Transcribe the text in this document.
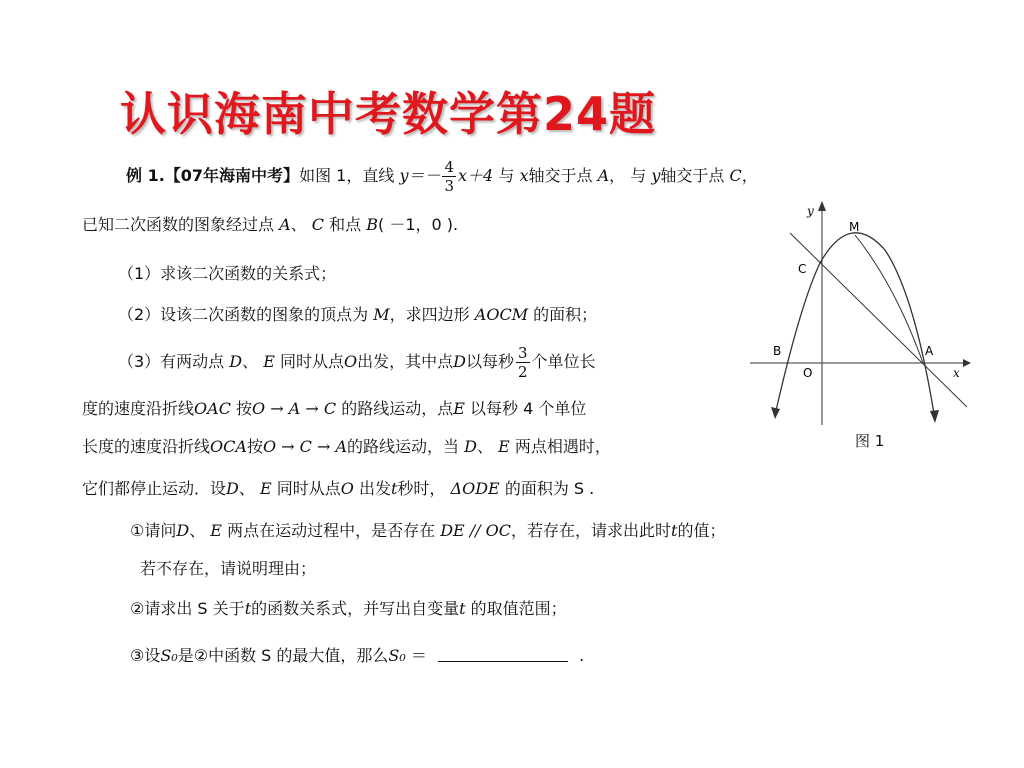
认识海南中考数学第24题
例 1.【07年海南中考】如图 1，直线 $y=- \frac{4}{3} x+4$ 与 x轴交于点 A， 与 y轴交于点 C，
已知二次函数的图象经过点 A、 C 和点 B( －1，0 ).
（1）求该二次函数的关系式；
（2）设该二次函数的图象的顶点为 M，求四边形 AOCM 的面积；
（3）有两动点 D、 E 同时从点O出发，其中点D以每秒 $\frac{3}{2}$ 个单位长
度的速度沿折线OAC 按O → A → C 的路线运动，点E 以每秒 4 个单位
长度的速度沿折线OCA按O → C → A的路线运动，当 D、 E 两点相遇时，
它们都停止运动．设D、 E 同时从点O 出发t秒时， ΔODE 的面积为 S .
①请问D、 E 两点在运动过程中，是否存在 DE // OC，若存在，请求出此时t的值；
若不存在，请说明理由；
②请求出 S 关于t的函数关系式，并写出自变量t 的取值范围；
③设S₀是②中函数 S 的最大值，那么S₀ ＝	.
y
x
M
C
B
O
A
图 1
